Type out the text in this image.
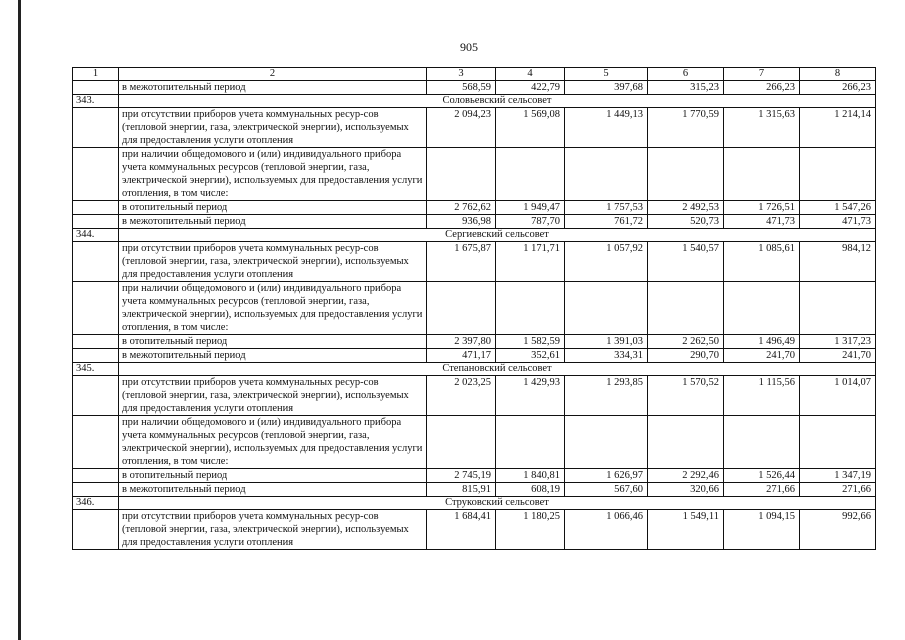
905
1	2	3	4	5	6	7	8
	в межотопительный период	568,59	422,79	397,68	315,23	266,23	266,23
343.	Соловьевский сельсовет						
	при отсутствии приборов учета коммунальных ресур-сов (тепловой энергии, газа, электрической энергии), используемых для предоставления услуги отопления	2 094,23	1 569,08	1 449,13	1 770,59	1 315,63	1 214,14
	при наличии общедомового и (или) индивидуального прибора учета коммунальных ресурсов (тепловой энергии, газа, электрической энергии), используемых для предоставления услуги отопления, в том числе:						
	в отопительный период	2 762,62	1 949,47	1 757,53	2 492,53	1 726,51	1 547,26
	в межотопительный период	936,98	787,70	761,72	520,73	471,73	471,73
344.	Сергиевский сельсовет						
	при отсутствии приборов учета коммунальных ресур-сов (тепловой энергии, газа, электрической энергии), используемых для предоставления услуги отопления	1 675,87	1 171,71	1 057,92	1 540,57	1 085,61	984,12
	при наличии общедомового и (или) индивидуального прибора учета коммунальных ресурсов (тепловой энергии, газа, электрической энергии), используемых для предоставления услуги отопления, в том числе:						
	в отопительный период	2 397,80	1 582,59	1 391,03	2 262,50	1 496,49	1 317,23
	в межотопительный период	471,17	352,61	334,31	290,70	241,70	241,70
345.	Степановский сельсовет						
	при отсутствии приборов учета коммунальных ресур-сов (тепловой энергии, газа, электрической энергии), используемых для предоставления услуги отопления	2 023,25	1 429,93	1 293,85	1 570,52	1 115,56	1 014,07
	при наличии общедомового и (или) индивидуального прибора учета коммунальных ресурсов (тепловой энергии, газа, электрической энергии), используемых для предоставления услуги отопления, в том числе:						
	в отопительный период	2 745,19	1 840,81	1 626,97	2 292,46	1 526,44	1 347,19
	в межотопительный период	815,91	608,19	567,60	320,66	271,66	271,66
346.	Струковский сельсовет						
	при отсутствии приборов учета коммунальных ресур-сов (тепловой энергии, газа, электрической энергии), используемых для предоставления услуги отопления	1 684,41	1 180,25	1 066,46	1 549,11	1 094,15	992,66
